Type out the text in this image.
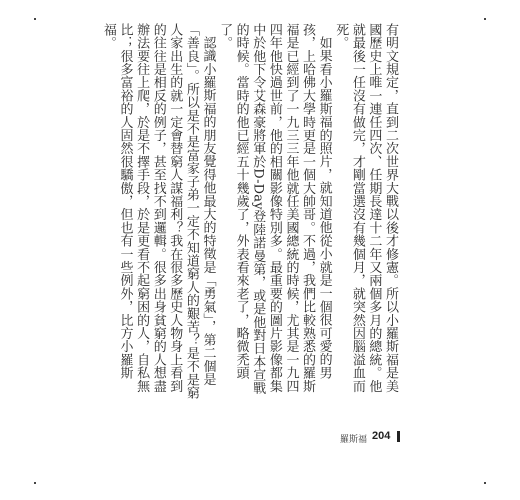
有明文規定，直到二次世界大戰以後才修憲。所以小羅斯福是美國歷史上唯一連任四次、任期長達十二年又兩個多月的總統。他就最後一任沒有做完，才剛當選沒有幾個月，就突然因腦溢血而死。

如果看小羅斯福的照片，就知道他從小就是一個很可愛的男孩，上哈佛大學時更是一個大帥哥。不過，我們比較熟悉的羅斯福是已經到了一九三三年他就任美國總統的時候，尤其是一九四四年他快過世前，他的相關影像特別多。最重要的圖片影像都集中於他下令艾森豪將軍於D-Day登陸諾曼第，或是他對日本宣戰的時候。當時的他已經五十幾歲了，外表看來老了，略微禿頭了。

認識小羅斯福的朋友覺得他最大的特徵是「勇氣」，第二個是「善良」。所以是不是富家子弟一定不知道窮人的艱苦？是不是窮人家出生的就一定會替窮人謀福利？我在很多歷史人物身上看到的往往是相反的例子，甚至找不到邏輯。很多出身貧窮的人想盡辦法要往上爬，於是不擇手段，於是更看不起窮困的人，自私無比；很多富裕的人固然很驕傲，但也有一些例外，比方小羅斯福。

羅斯福 204
